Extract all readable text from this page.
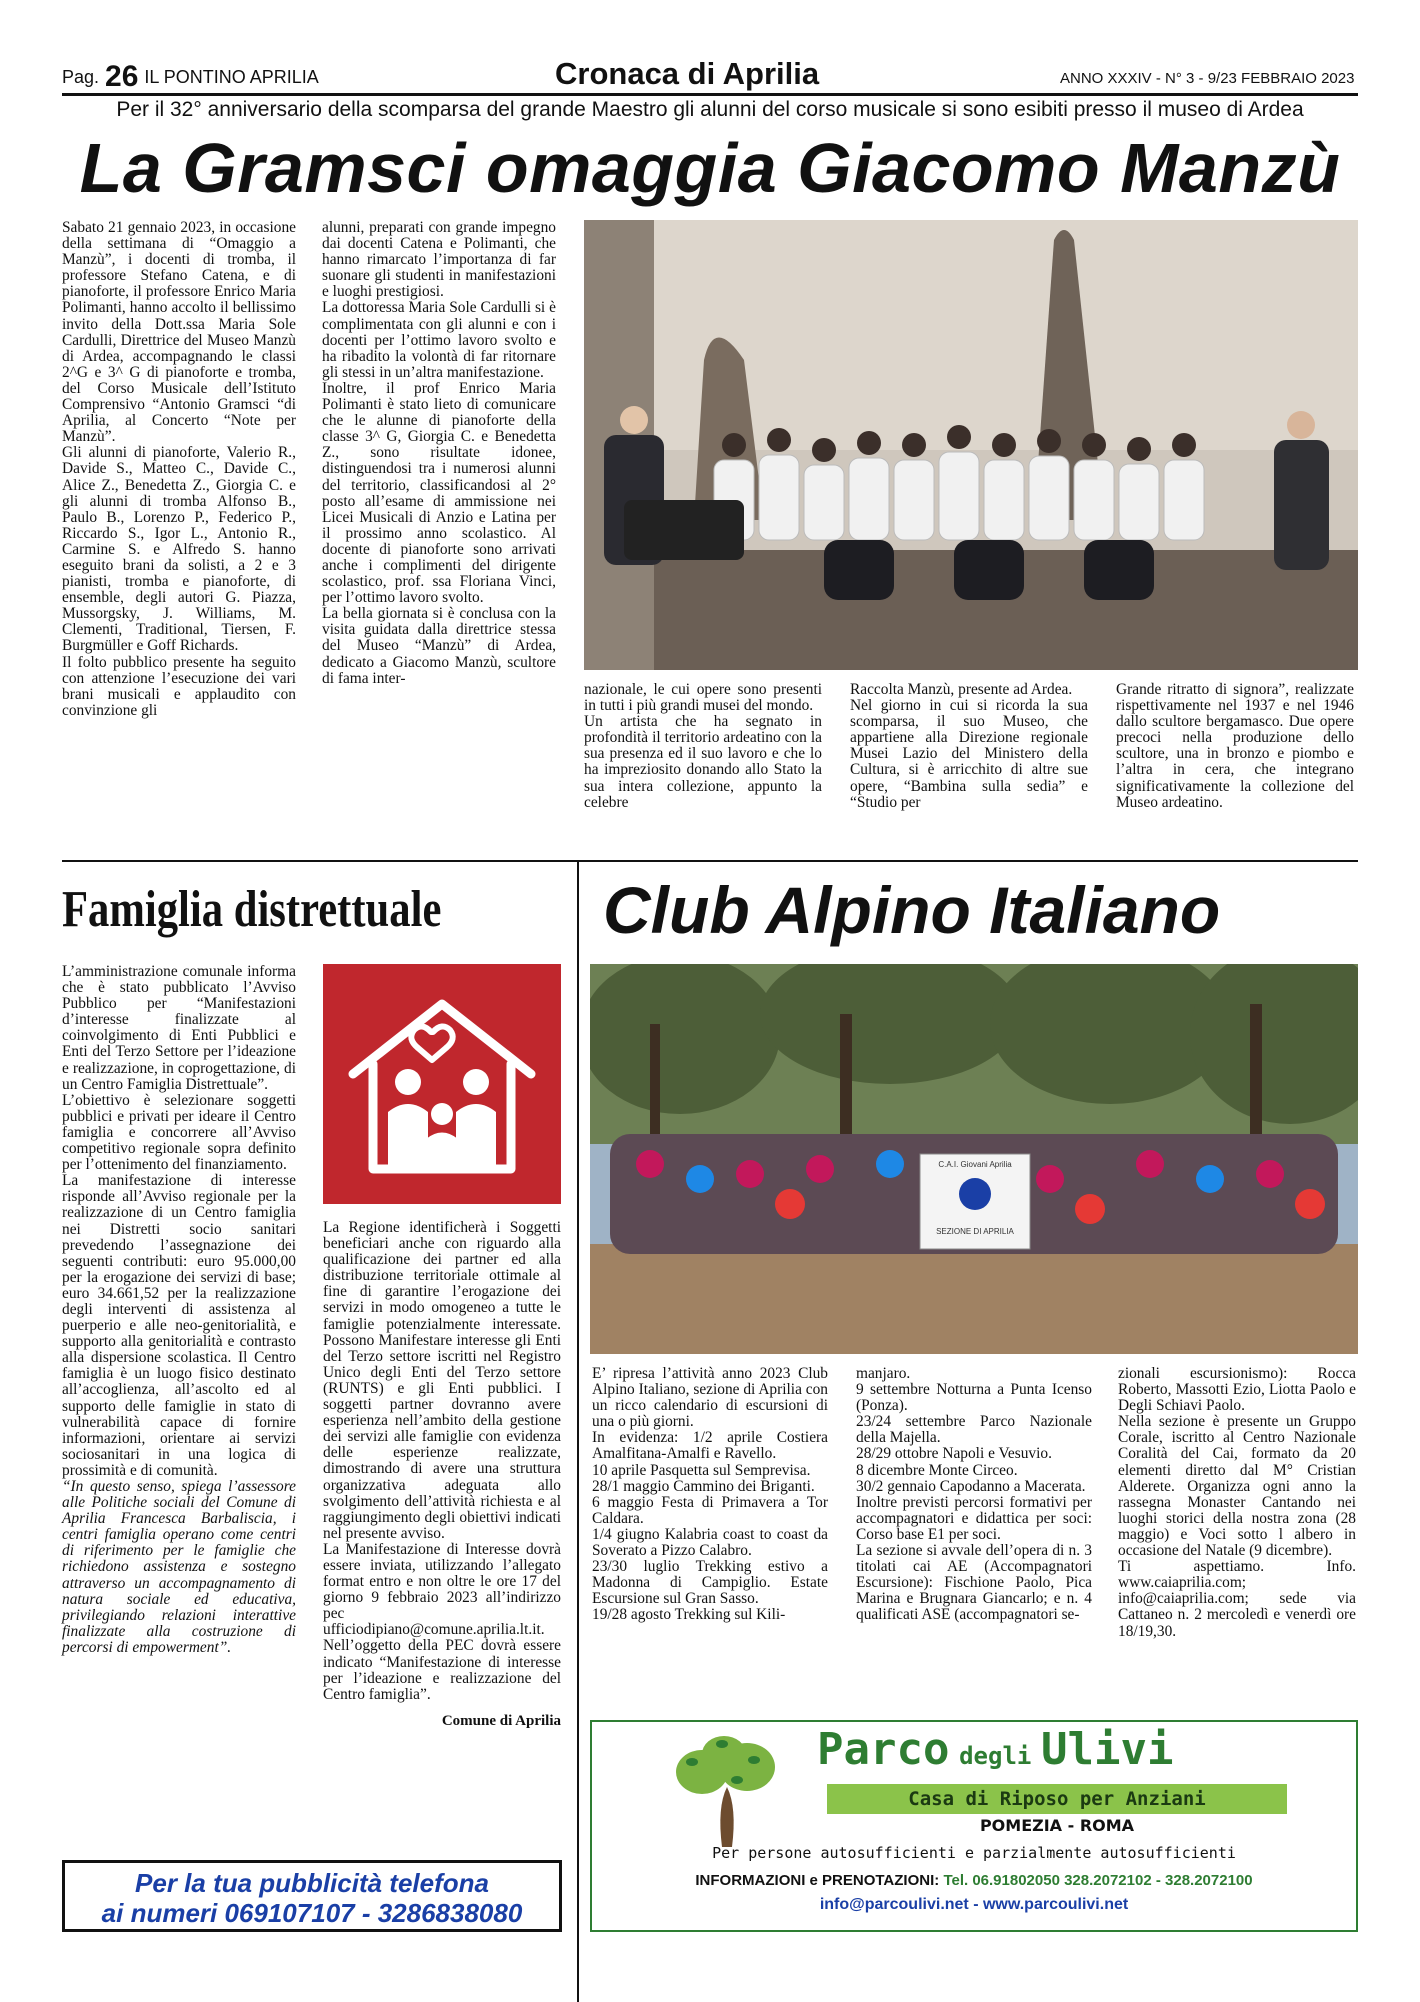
Pag. 26 IL PONTINO APRILIA	Cronaca di Aprilia	ANNO XXXIV - N° 3 - 9/23 FEBBRAIO 2023
Per il 32° anniversario della scomparsa del grande Maestro gli alunni del corso musicale si sono esibiti presso il museo di Ardea
La Gramsci omaggia Giacomo Manzù

Sabato 21 gennaio 2023, in occasione della settimana di “Omaggio a Manzù”, i docenti di tromba, il professore Stefano Catena, e di pianoforte, il professore Enrico Maria Polimanti, hanno accolto il bellissimo invito della Dott.ssa Maria Sole Cardulli, Direttrice del Museo Manzù di Ardea, accompagnando le classi 2^G e 3^ G di pianoforte e tromba, del Corso Musicale dell’Istituto Comprensivo “Antonio Gramsci “di Aprilia, al Concerto “Note per Manzù”.

Gli alunni di pianoforte, Valerio R., Davide S., Matteo C., Davide C., Alice Z., Benedetta Z., Giorgia C. e gli alunni di tromba Alfonso B., Paulo B., Lorenzo P., Federico P., Riccardo S., Igor L., Antonio R., Carmine S. e Alfredo S. hanno eseguito brani da solisti, a 2 e 3 pianisti, tromba e pianoforte, di ensemble, degli autori G. Piazza, Mussorgsky, J. Williams, M. Clementi, Traditional, Tiersen, F. Burgmüller e Goff Richards.

Il folto pubblico presente ha seguito con attenzione l’esecuzione dei vari brani musicali e applaudito con convinzione gli

alunni, preparati con grande impegno dai docenti Catena e Polimanti, che hanno rimarcato l’importanza di far suonare gli studenti in manifestazioni e luoghi prestigiosi.

La dottoressa Maria Sole Cardulli si è complimentata con gli alunni e con i docenti per l’ottimo lavoro svolto e ha ribadito la volontà di far ritornare gli stessi in un’altra manifestazione.

Inoltre, il prof Enrico Maria Polimanti è stato lieto di comunicare che le alunne di pianoforte della classe 3^ G, Giorgia C. e Benedetta Z., sono risultate idonee, distinguendosi tra i numerosi alunni del territorio, classificandosi al 2° posto all’esame di ammissione nei Licei Musicali di Anzio e Latina per il prossimo anno scolastico. Al docente di pianoforte sono arrivati anche i complimenti del dirigente scolastico, prof. ssa Floriana Vinci, per l’ottimo lavoro svolto.

La bella giornata si è conclusa con la visita guidata dalla direttrice stessa del Museo “Manzù” di Ardea, dedicato a Giacomo Manzù, scultore di fama inter-

nazionale, le cui opere sono presenti in tutti i più grandi musei del mondo.

Un artista che ha segnato in profondità il territorio ardeatino con la sua presenza ed il suo lavoro e che lo ha impreziosito donando allo Stato la sua intera collezione, appunto la celebre

Raccolta Manzù, presente ad Ardea.

Nel giorno in cui si ricorda la sua scomparsa, il suo Museo, che appartiene alla Direzione regionale Musei Lazio del Ministero della Cultura, si è arricchito di altre sue opere, “Bambina sulla sedia” e “Studio per

Grande ritratto di signora”, realizzate rispettivamente nel 1937 e nel 1946 dallo scultore bergamasco. Due opere precoci nella produzione dello scultore, una in bronzo e piombo e l’altra in cera, che integrano significativamente la collezione del Museo ardeatino.

Famiglia distrettuale

L’amministrazione comunale informa che è stato pubblicato l’Avviso Pubblico per “Manifestazioni d’interesse finalizzate al coinvolgimento di Enti Pubblici e Enti del Terzo Settore per l’ideazione e realizzazione, in coprogettazione, di un Centro Famiglia Distrettuale”.

L’obiettivo è selezionare soggetti pubblici e privati per ideare il Centro famiglia e concorrere all’Avviso competitivo regionale sopra definito per l’ottenimento del finanziamento.

La manifestazione di interesse risponde all’Avviso regionale per la realizzazione di un Centro famiglia nei Distretti socio sanitari prevedendo l’assegnazione dei seguenti contributi: euro 95.000,00 per la erogazione dei servizi di base; euro 34.661,52 per la realizzazione degli interventi di assistenza al puerperio e alle neo-genitorialità, e supporto alla genitorialità e contrasto alla dispersione scolastica. Il Centro famiglia è un luogo fisico destinato all’accoglienza, all’ascolto ed al supporto delle famiglie in stato di vulnerabilità capace di fornire informazioni, orientare ai servizi sociosanitari in una logica di prossimità e di comunità.

“In questo senso, spiega l’assessore alle Politiche sociali del Comune di Aprilia Francesca Barbaliscia, i centri famiglia operano come centri di riferimento per le famiglie che richiedono assistenza e sostegno attraverso un accompagnamento di natura sociale ed educativa, privilegiando relazioni interattive finalizzate alla costruzione di percorsi di empowerment”.

La Regione identificherà i Soggetti beneficiari anche con riguardo alla qualificazione dei partner ed alla distribuzione territoriale ottimale al fine di garantire l’erogazione dei servizi in modo omogeneo a tutte le famiglie potenzialmente interessate. Possono Manifestare interesse gli Enti del Terzo settore iscritti nel Registro Unico degli Enti del Terzo settore (RUNTS) e gli Enti pubblici. I soggetti partner dovranno avere esperienza nell’ambito della gestione dei servizi alle famiglie con evidenza delle esperienze realizzate, dimostrando di avere una struttura organizzativa adeguata allo svolgimento dell’attività richiesta e al raggiungimento degli obiettivi indicati nel presente avviso.

La Manifestazione di Interesse dovrà essere inviata, utilizzando l’allegato format entro e non oltre le ore 17 del giorno 9 febbraio 2023 all’indirizzo pec ufficiodipiano@comune.aprilia.lt.it. Nell’oggetto della PEC dovrà essere indicato “Manifestazione di interesse per l’ideazione e realizzazione del Centro famiglia”.

Comune di Aprilia

Per la tua pubblicità telefona
ai numeri 069107107 - 3286838080
Club Alpino Italiano
C.A.I. Giovani Aprilia
SEZIONE DI APRILIA

E’ ripresa l’attività anno 2023 Club Alpino Italiano, sezione di Aprilia con un ricco calendario di escursioni di una o più giorni.

In evidenza: 1/2 aprile Costiera Amalfitana-Amalfi e Ravello.

10 aprile Pasquetta sul Semprevisa.

28/1 maggio Cammino dei Briganti.

6 maggio Festa di Primavera a Tor Caldara.

1/4 giugno Kalabria coast to coast da Soverato a Pizzo Calabro.

23/30 luglio Trekking estivo a Madonna di Campiglio. Estate Escursione sul Gran Sasso.

19/28 agosto Trekking sul Kili-

manjaro.

9 settembre Notturna a Punta Icenso (Ponza).

23/24 settembre Parco Nazionale della Majella.

28/29 ottobre Napoli e Vesuvio.

8 dicembre Monte Circeo.

30/2 gennaio Capodanno a Macerata.

Inoltre previsti percorsi formativi per accompagnatori e didattica per soci: Corso base E1 per soci.

La sezione si avvale dell’opera di n. 3 titolati cai AE (Accompagnatori Escursione): Fischione Paolo, Pica Marina e Brugnara Giancarlo; e n. 4 qualificati ASE (accompagnatori se-

zionali escursionismo): Rocca Roberto, Massotti Ezio, Liotta Paolo e Degli Schiavi Paolo.

Nella sezione è presente un Gruppo Corale, iscritto al Centro Nazionale Coralità del Cai, formato da 20 elementi diretto dal M° Cristian Alderete. Organizza ogni anno la rassegna Monaster Cantando nei luoghi storici della nostra zona (28 maggio) e Voci sotto l albero in occasione del Natale (9 dicembre).

Ti aspettiamo. Info. www.caiaprilia.com; info@caiaprilia.com; sede via Cattaneo n. 2 mercoledì e venerdì ore 18/19,30.

Parco degli Ulivi
Casa di Riposo per Anziani
POMEZIA - ROMA
Per persone autosufficienti e parzialmente autosufficienti
INFORMAZIONI e PRENOTAZIONI: Tel. 06.91802050 328.2072102 - 328.2072100
info@parcoulivi.net - www.parcoulivi.net
